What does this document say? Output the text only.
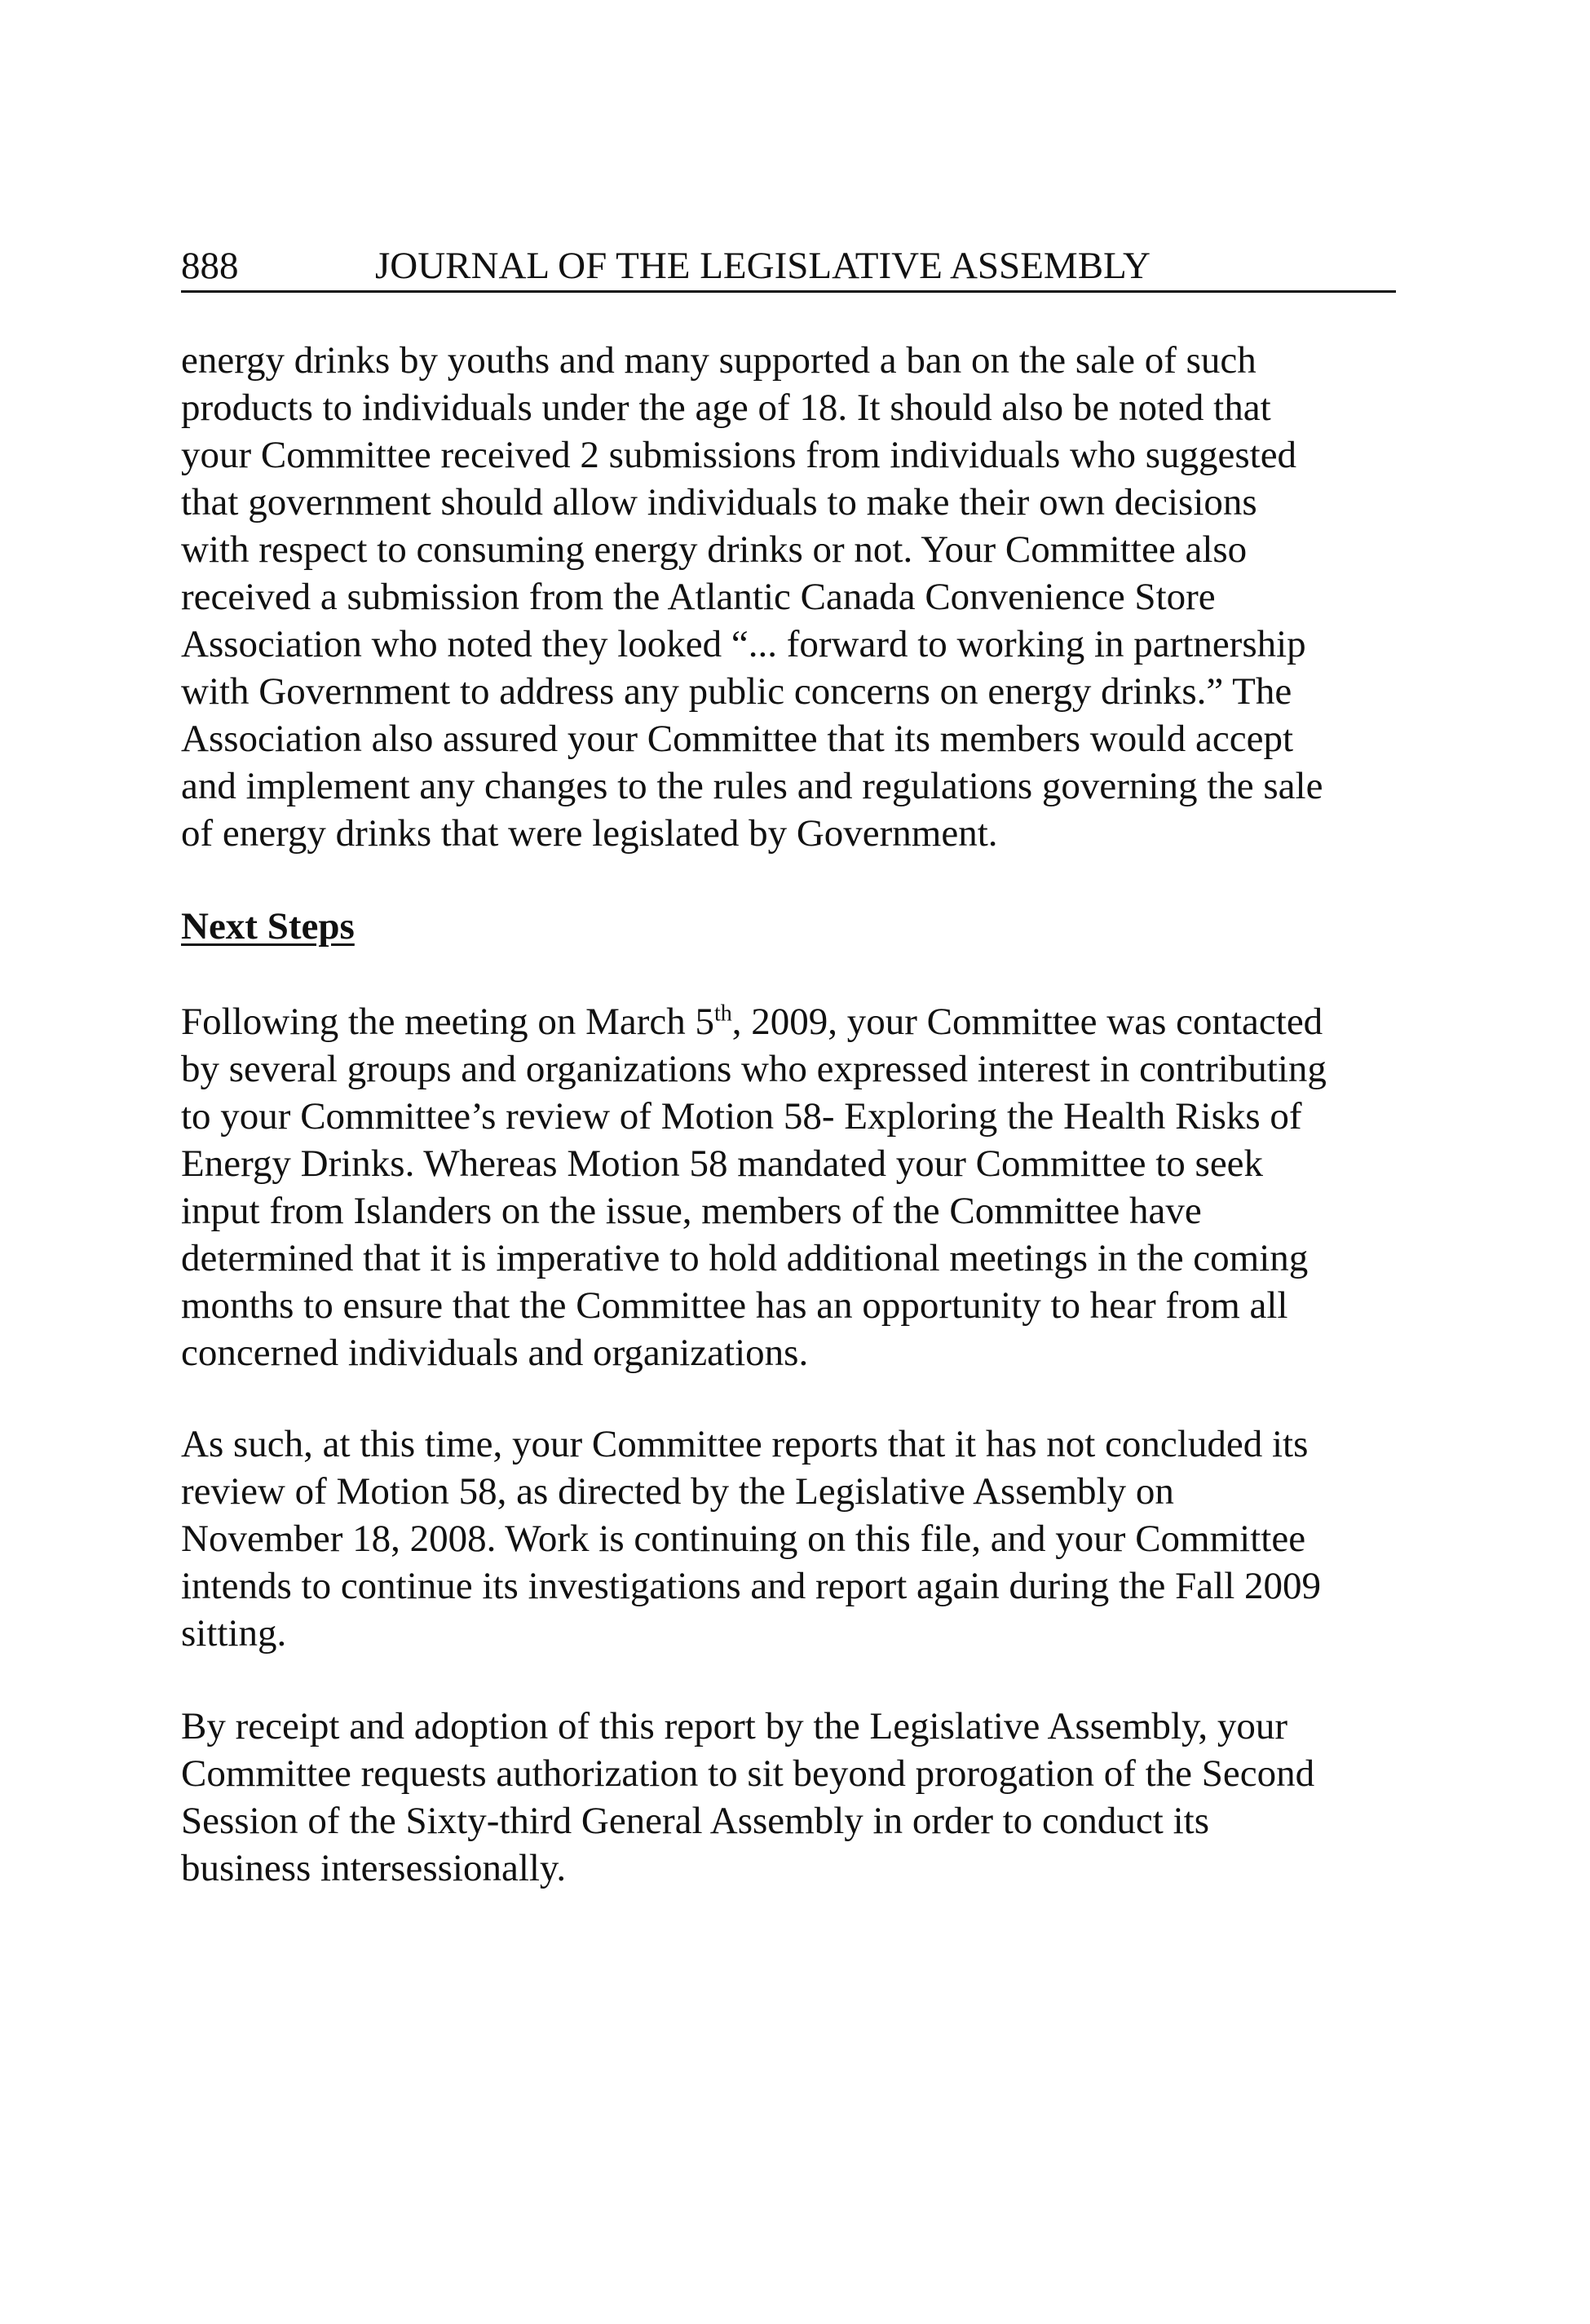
888	JOURNAL OF THE LEGISLATIVE ASSEMBLY

energy drinks by youths and many supported a ban on the sale of such
products to individuals under the age of 18. It should also be noted that
your Committee received 2 submissions from individuals who suggested
that government should allow individuals to make their own decisions
with respect to consuming energy drinks or not. Your Committee also
received a submission from the Atlantic Canada Convenience Store
Association who noted they looked “... forward to working in partnership
with Government to address any public concerns on energy drinks.” The
Association also assured your Committee that its members would accept
and implement any changes to the rules and regulations governing the sale
of energy drinks that were legislated by Government.

Next Steps

Following the meeting on March 5th, 2009, your Committee was contacted
by several groups and organizations who expressed interest in contributing
to your Committee’s review of Motion 58- Exploring the Health Risks of
Energy Drinks. Whereas Motion 58 mandated your Committee to seek
input from Islanders on the issue, members of the Committee have
determined that it is imperative to hold additional meetings in the coming
months to ensure that the Committee has an opportunity to hear from all
concerned individuals and organizations.

As such, at this time, your Committee reports that it has not concluded its
review of Motion 58, as directed by the Legislative Assembly on
November 18, 2008. Work is continuing on this file, and your Committee
intends to continue its investigations and report again during the Fall 2009
sitting.

By receipt and adoption of this report by the Legislative Assembly, your
Committee requests authorization to sit beyond prorogation of the Second
Session of the Sixty-third General Assembly in order to conduct its
business intersessionally.
